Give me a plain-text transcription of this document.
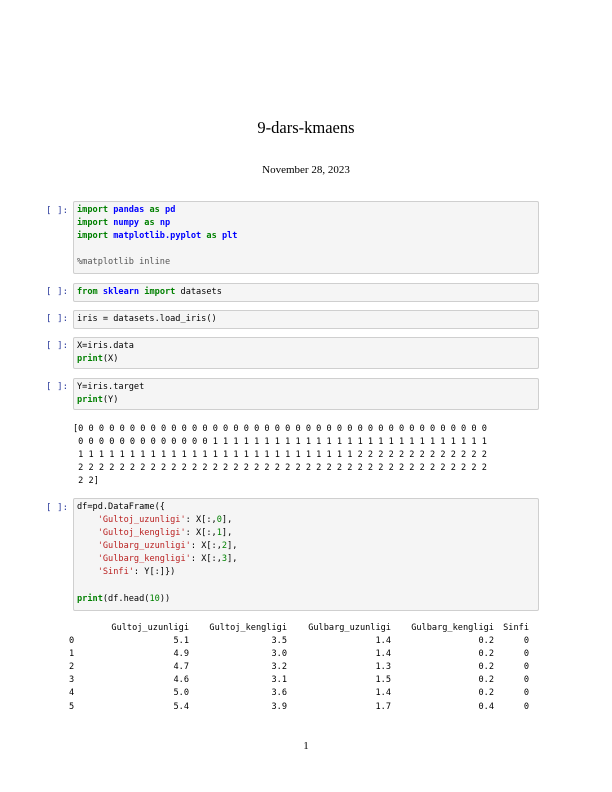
9-dars-kmaens
November 28, 2023
[ ]:	import pandas as pd
import numpy as np
import matplotlib.pyplot as plt

%matplotlib inline
[ ]:	from sklearn import datasets
[ ]:	iris = datasets.load_iris()
[ ]:	X=iris.data
print(X)
[ ]:	Y=iris.target
print(Y)
[0 0 0 0 0 0 0 0 0 0 0 0 0 0 0 0 0 0 0 0 0 0 0 0 0 0 0 0 0 0 0 0 0 0 0 0 0 0 0 0
0 0 0 0 0 0 0 0 0 0 0 0 0 1 1 1 1 1 1 1 1 1 1 1 1 1 1 1 1 1 1 1 1 1 1 1 1 1 1 1
1 1 1 1 1 1 1 1 1 1 1 1 1 1 1 1 1 1 1 1 1 1 1 1 1 1 1 2 2 2 2 2 2 2 2 2 2 2 2 2
2 2 2 2 2 2 2 2 2 2 2 2 2 2 2 2 2 2 2 2 2 2 2 2 2 2 2 2 2 2 2 2 2 2 2 2 2 2 2 2
2 2]
[ ]:	df=pd.DataFrame({
'Gultoj_uzunligi': X[:,0],
'Gultoj_kengligi': X[:,1],
'Gulbarg_uzunligi': X[:,2],
'Gulbarg_kengligi': X[:,3],
'Sinfi': Y[:]})

print(df.head(10))
	Gultoj_uzunligi	Gultoj_kengligi	Gulbarg_uzunligi	Gulbarg_kengligi	Sinfi
0	5.1	3.5	1.4	0.2	0
1	4.9	3.0	1.4	0.2	0
2	4.7	3.2	1.3	0.2	0
3	4.6	3.1	1.5	0.2	0
4	5.0	3.6	1.4	0.2	0
5	5.4	3.9	1.7	0.4	0
1
